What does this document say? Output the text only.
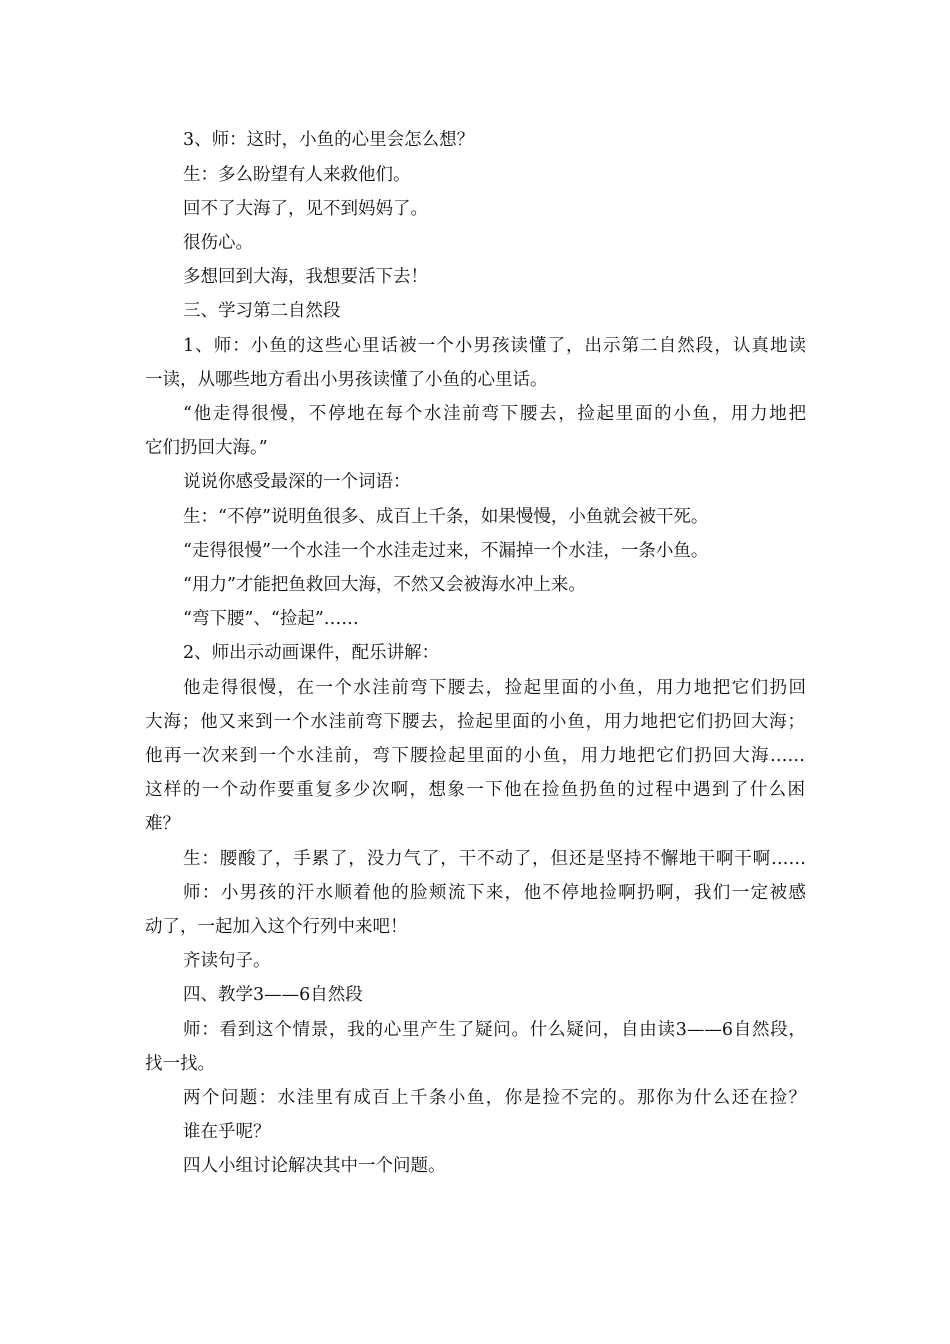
3、师：这时，小鱼的心里会怎么想？
生：多么盼望有人来救他们。
回不了大海了，见不到妈妈了。
很伤心。
多想回到大海，我想要活下去！
三、学习第二自然段
1、师：小鱼的这些心里话被一个小男孩读懂了，出示第二自然段，认真地读
一读，从哪些地方看出小男孩读懂了小鱼的心里话。
“他走得很慢，不停地在每个水洼前弯下腰去，捡起里面的小鱼，用力地把
它们扔回大海。”
说说你感受最深的一个词语：
生：“不停”说明鱼很多、成百上千条，如果慢慢，小鱼就会被干死。
“走得很慢”一个水洼一个水洼走过来，不漏掉一个水洼，一条小鱼。
“用力”才能把鱼救回大海，不然又会被海水冲上来。
“弯下腰”、“捡起”……
2、师出示动画课件，配乐讲解：
他走得很慢，在一个水洼前弯下腰去，捡起里面的小鱼，用力地把它们扔回
大海；他又来到一个水洼前弯下腰去，捡起里面的小鱼，用力地把它们扔回大海；
他再一次来到一个水洼前，弯下腰捡起里面的小鱼，用力地把它们扔回大海……
这样的一个动作要重复多少次啊，想象一下他在捡鱼扔鱼的过程中遇到了什么困
难？
生：腰酸了，手累了，没力气了，干不动了，但还是坚持不懈地干啊干啊……
师：小男孩的汗水顺着他的脸颊流下来，他不停地捡啊扔啊，我们一定被感
动了，一起加入这个行列中来吧！
齐读句子。
四、教学3——6自然段
师：看到这个情景，我的心里产生了疑问。什么疑问，自由读3——6自然段，
找一找。
两个问题：水洼里有成百上千条小鱼，你是捡不完的。那你为什么还在捡？
谁在乎呢？
四人小组讨论解决其中一个问题。
